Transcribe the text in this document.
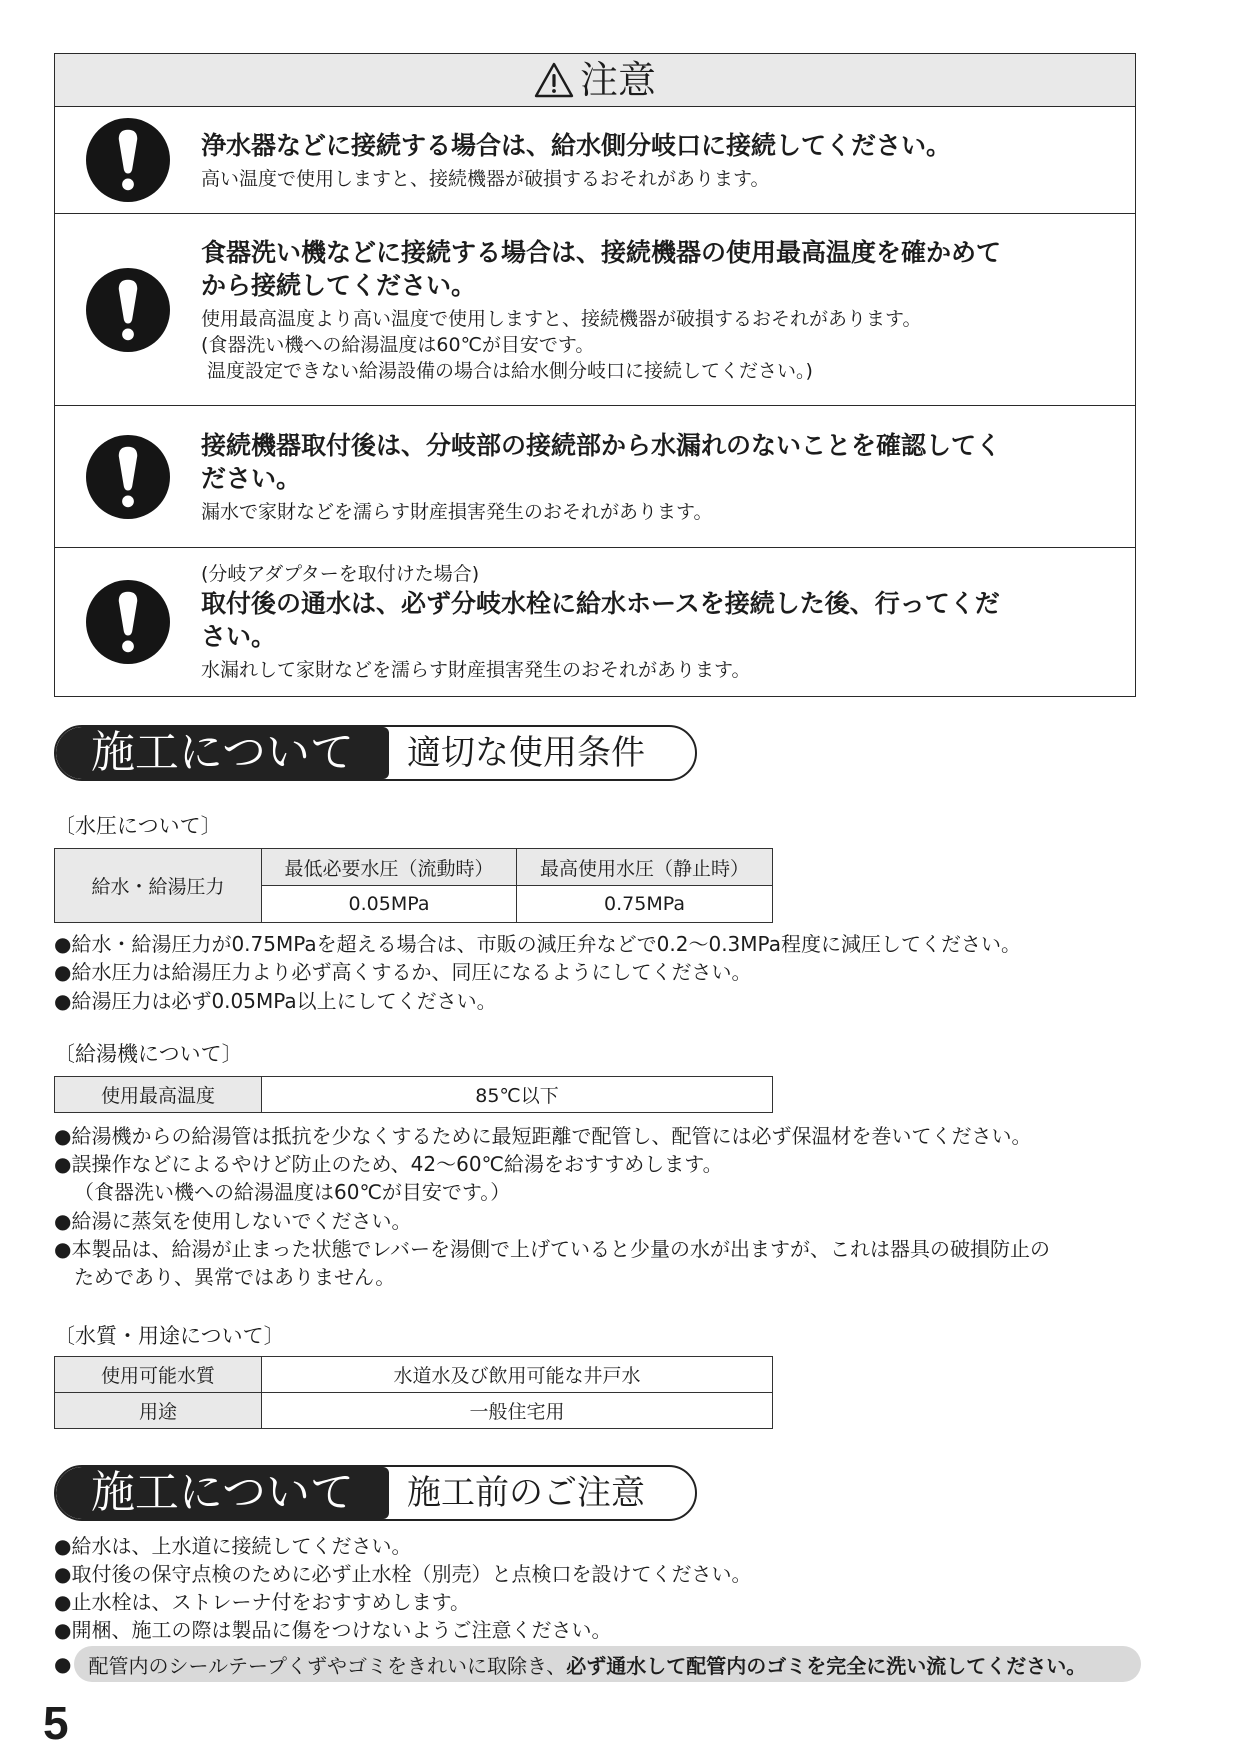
注意
浄水器などに接続する場合は、給水側分岐口に接続してください。
高い温度で使用しますと、接続機器が破損するおそれがあります。
食器洗い機などに接続する場合は、接続機器の使用最高温度を確かめて
から接続してください。
使用最高温度より高い温度で使用しますと、接続機器が破損するおそれがあります。
(食器洗い機への給湯温度は60℃が目安です。
温度設定できない給湯設備の場合は給水側分岐口に接続してください。)
接続機器取付後は、分岐部の接続部から水漏れのないことを確認してく
ださい。
漏水で家財などを濡らす財産損害発生のおそれがあります。
(分岐アダプターを取付けた場合)
取付後の通水は、必ず分岐水栓に給水ホースを接続した後、行ってくだ
さい。
水漏れして家財などを濡らす財産損害発生のおそれがあります。
施工について	適切な使用条件
〔水圧について〕
給水・給湯圧力	最低必要水圧（流動時）	最高使用水圧（静止時）
	0.05MPa	0.75MPa
● 給水・給湯圧力が0.75MPaを超える場合は、市販の減圧弁などで0.2～0.3MPa程度に減圧してください。
● 給水圧力は給湯圧力より必ず高くするか、同圧になるようにしてください。
● 給湯圧力は必ず0.05MPa以上にしてください。
〔給湯機について〕
使用最高温度	85℃以下
● 給湯機からの給湯管は抵抗を少なくするために最短距離で配管し、配管には必ず保温材を巻いてください。
● 誤操作などによるやけど防止のため、42～60℃給湯をおすすめします。
（食器洗い機への給湯温度は60℃が目安です。）
● 給湯に蒸気を使用しないでください。
● 本製品は、給湯が止まった状態でレバーを湯側で上げていると少量の水が出ますが、これは器具の破損防止の
ためであり、異常ではありません。
〔水質・用途について〕
使用可能水質	水道水及び飲用可能な井戸水
用途	一般住宅用
施工について	施工前のご注意
● 給水は、上水道に接続してください。
● 取付後の保守点検のために必ず止水栓（別売）と点検口を設けてください。
● 止水栓は、ストレーナ付をおすすめします。
● 開梱、施工の際は製品に傷をつけないようご注意ください。
●
配管内のシールテープくずやゴミをきれいに取除き、 必ず通水して配管内のゴミを完全に洗い流してください。
5
